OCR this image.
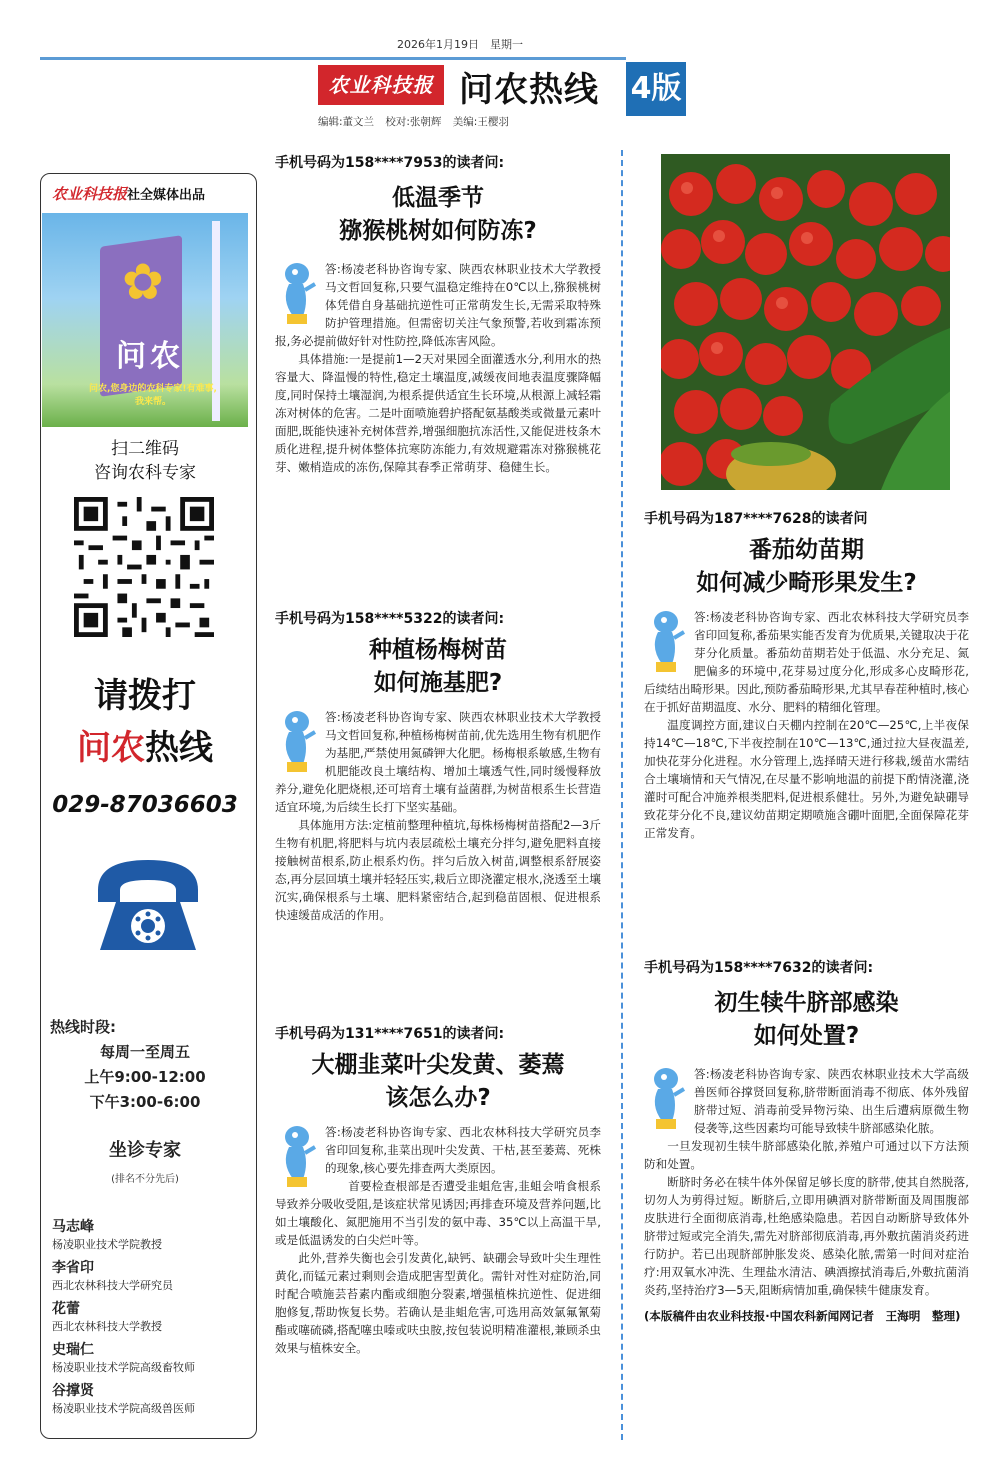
2026年1月19日　星期一
农业科技报 问农热线 4版
编辑:董文兰 校对:张朝辉 美编:王樱羽
农业科技报社全媒体出品
✿
问农
问农,您身边的农科专家!有难事,我来帮。
扫二维码
咨询农科专家
请拨打
问农热线
029-87036603
热线时段:
每周一至周五
上午9:00-12:00
下午3:00-6:00
坐诊专家
(排名不分先后)
马志峰
杨凌职业技术学院教授
李省印
西北农林科技大学研究员
花蕾
西北农林科技大学教授
史瑞仁
杨凌职业技术学院高级畜牧师
谷撑贤
杨凌职业技术学院高级兽医师
手机号码为158****7953的读者问:
低温季节
猕猴桃树如何防冻?

答:杨凌老科协咨询专家、陕西农林职业技术大学教授马文哲回复称,只要气温稳定维持在0℃以上,猕猴桃树体凭借自身基础抗逆性可正常萌发生长,无需采取特殊防护管理措施。但需密切关注气象预警,若收到霜冻预报,务必提前做好针对性防控,降低冻害风险。

具体措施:一是提前1—2天对果园全面灌透水分,利用水的热容量大、降温慢的特性,稳定土壤温度,减缓夜间地表温度骤降幅度,同时保持土壤湿润,为根系提供适宜生长环境,从根源上减轻霜冻对树体的危害。二是叶面喷施碧护搭配氨基酸类或微量元素叶面肥,既能快速补充树体营养,增强细胞抗冻活性,又能促进枝条木质化进程,提升树体整体抗寒防冻能力,有效规避霜冻对猕猴桃花芽、嫩梢造成的冻伤,保障其春季正常萌芽、稳健生长。

手机号码为158****5322的读者问:
种植杨梅树苗
如何施基肥?

答:杨凌老科协咨询专家、陕西农林职业技术大学教授马文哲回复称,种植杨梅树苗前,优先选用生物有机肥作为基肥,严禁使用氮磷钾大化肥。杨梅根系敏感,生物有机肥能改良土壤结构、增加土壤透气性,同时缓慢释放养分,避免化肥烧根,还可培育土壤有益菌群,为树苗根系生长营造适宜环境,为后续生长打下坚实基础。

具体施用方法:定植前整理种植坑,每株杨梅树苗搭配2—3斤生物有机肥,将肥料与坑内表层疏松土壤充分拌匀,避免肥料直接接触树苗根系,防止根系灼伤。拌匀后放入树苗,调整根系舒展姿态,再分层回填土壤并轻轻压实,栽后立即浇灌定根水,浇透至土壤沉实,确保根系与土壤、肥料紧密结合,起到稳苗固根、促进根系快速缓苗成活的作用。

手机号码为131****7651的读者问:
大棚韭菜叶尖发黄、萎蔫
该怎么办?

答:杨凌老科协咨询专家、西北农林科技大学研究员李省印回复称,韭菜出现叶尖发黄、干枯,甚至萎蔫、死株的现象,核心要先排查两大类原因。

首要检查根部是否遭受韭蛆危害,韭蛆会啃食根系导致养分吸收受阻,是该症状常见诱因;再排查环境及营养问题,比如土壤酸化、氮肥施用不当引发的氨中毒、35℃以上高温干旱,或是低温诱发的白尖烂叶等。

此外,营养失衡也会引发黄化,缺钙、缺硼会导致叶尖生理性黄化,而锰元素过剩则会造成肥害型黄化。需针对性对症防治,同时配合喷施芸苔素内酯或细胞分裂素,增强植株抗逆性、促进细胞修复,帮助恢复长势。若确认是韭蛆危害,可选用高效氯氟氰菊酯或噻硫磷,搭配噻虫嗪或呋虫胺,按包装说明精准灌根,兼顾杀虫效果与植株安全。

手机号码为187****7628的读者问
番茄幼苗期
如何减少畸形果发生?

答:杨凌老科协咨询专家、西北农林科技大学研究员李省印回复称,番茄果实能否发育为优质果,关键取决于花芽分化质量。番茄幼苗期若处于低温、水分充足、氮肥偏多的环境中,花芽易过度分化,形成多心皮畸形花,后续结出畸形果。因此,预防番茄畸形果,尤其早春茬种植时,核心在于抓好苗期温度、水分、肥料的精细化管理。

温度调控方面,建议白天棚内控制在20℃—25℃,上半夜保持14℃—18℃,下半夜控制在10℃—13℃,通过拉大昼夜温差,加快花芽分化进程。水分管理上,选择晴天进行移栽,缓苗水需结合土壤墒情和天气情况,在尽量不影响地温的前提下酌情浇灌,浇灌时可配合冲施养根类肥料,促进根系健壮。另外,为避免缺硼导致花芽分化不良,建议幼苗期定期喷施含硼叶面肥,全面保障花芽正常发育。

手机号码为158****7632的读者问:
初生犊牛脐部感染
如何处置?

答:杨凌老科协咨询专家、陕西农林职业技术大学高级兽医师谷撑贤回复称,脐带断面消毒不彻底、体外残留脐带过短、消毒前受异物污染、出生后遭病原微生物侵袭等,这些因素均可能导致犊牛脐部感染化脓。

一旦发现初生犊牛脐部感染化脓,养殖户可通过以下方法预防和处置。

断脐时务必在犊牛体外保留足够长度的脐带,使其自然脱落,切勿人为剪得过短。断脐后,立即用碘酒对脐带断面及周围腹部皮肤进行全面彻底消毒,杜绝感染隐患。若因自动断脐导致体外脐带过短或完全消失,需先对脐部彻底消毒,再外敷抗菌消炎药进行防护。若已出现脐部肿胀发炎、感染化脓,需第一时间对症治疗:用双氧水冲洗、生理盐水清洁、碘酒擦拭消毒后,外敷抗菌消炎药,坚持治疗3—5天,阻断病情加重,确保犊牛健康发育。

(本版稿件由农业科技报·中国农科新闻网记者　王海明　整理)
